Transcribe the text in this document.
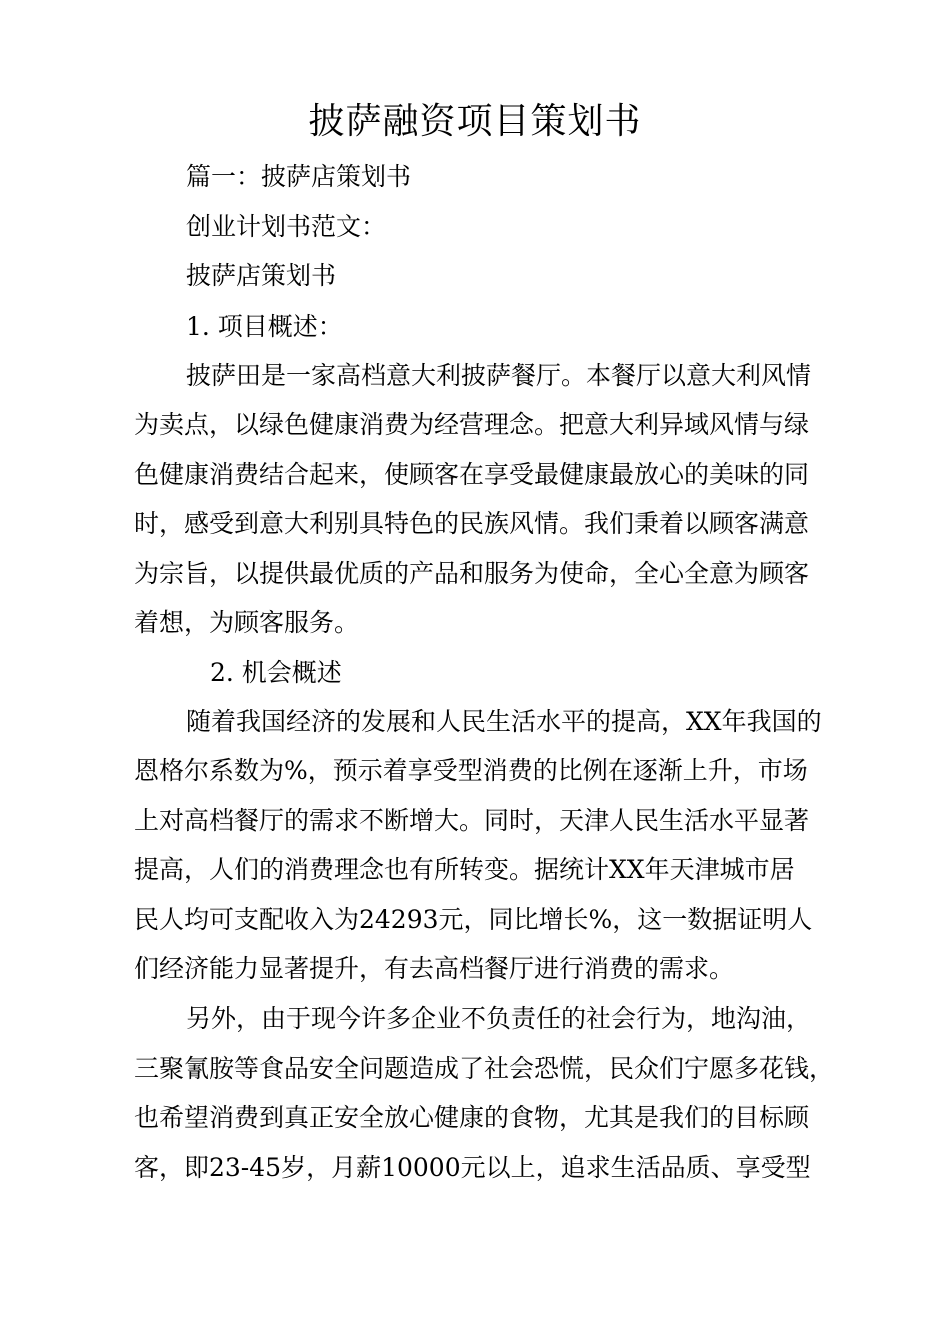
披萨融资项目策划书
篇一：披萨店策划书
创业计划书范文：
披萨店策划书
1. 项目概述：
披萨田是一家高档意大利披萨餐厅。本餐厅以意大利风情
为卖点，以绿色健康消费为经营理念。把意大利异域风情与绿
色健康消费结合起来，使顾客在享受最健康最放心的美味的同
时，感受到意大利别具特色的民族风情。我们秉着以顾客满意
为宗旨，以提供最优质的产品和服务为使命，全心全意为顾客
着想，为顾客服务。
2. 机会概述
随着我国经济的发展和人民生活水平的提高，XX年我国的
恩格尔系数为%，预示着享受型消费的比例在逐渐上升，市场
上对高档餐厅的需求不断增大。同时，天津人民生活水平显著
提高，人们的消费理念也有所转变。据统计XX年天津城市居
民人均可支配收入为24293元，同比增长%，这一数据证明人
们经济能力显著提升，有去高档餐厅进行消费的需求。
另外，由于现今许多企业不负责任的社会行为，地沟油，
三聚氰胺等食品安全问题造成了社会恐慌，民众们宁愿多花钱，
也希望消费到真正安全放心健康的食物，尤其是我们的目标顾
客，即23-45岁，月薪10000元以上，追求生活品质、享受型
